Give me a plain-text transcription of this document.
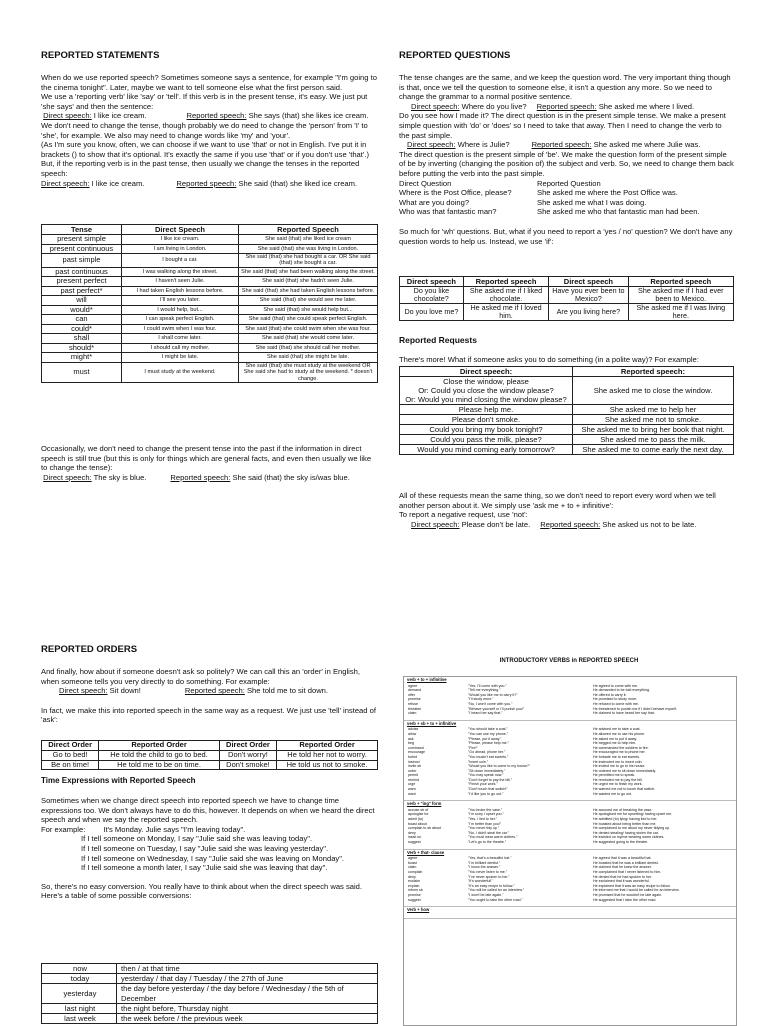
REPORTED STATEMENTS

When do we use reported speech? Sometimes someone says a sentence, for example "I'm going to the cinema tonight". Later, maybe we want to tell someone else what the first person said.

We use a 'reporting verb' like 'say' or 'tell'. If this verb is in the present tense, it's easy. We just put 'she says' and then the sentence:

Direct speech: I like ice cream.	Reported speech: She says (that) she likes ice cream.

We don't need to change the tense, though probably we do need to change the 'person' from 'I' to 'she', for example. We also may need to change words like 'my' and 'your'.

(As I'm sure you know, often, we can choose if we want to use 'that' or not in English. I've put it in brackets () to show that it's optional. It's exactly the same if you use 'that' or if you don't use 'that'.)

But, if the reporting verb is in the past tense, then usually we change the tenses in the reported speech:

Direct speech: I like ice cream.	Reported speech: She said (that) she liked ice cream.

Tense	Direct Speech	Reported Speech
present simple	I like ice cream.	She said (that) she liked ice cream
present continuous	I am living in London.	She said (that) she was living in London.
past simple	I bought a car.	She said (that) she had bought a car. OR She said (that) she bought a car.
past continuous	I was walking along the street.	She said (that) she had been walking along the street.
present perfect	I haven't seen Julie.	She said (that) she hadn't seen Julie.
past perfect*	I had taken English lessons before.	She said (that) she had taken English lessons before.
will	I'll see you later.	She said (that) she would see me later.
would*	I would help, but...	She said (that) she would help but...
can	I can speak perfect English.	She said (that) she could speak perfect English.
could*	I could swim when I was four.	She said (that) she could swim when she was four.
shall	I shall come later.	She said (that) she would come later.
should*	I should call my mother.	She said (that) she should call her mother.
might*	I might be late.	She said (that) she might be late.
must	I must study at the weekend.	She said (that) she must study at the weekend OR She said she had to study at the weekend. * doesn't change.

Occasionally, we don't need to change the present tense into the past if the information in direct speech is still true (but this is only for things which are general facts, and even then usually we like to change the tense):

Direct speech: The sky is blue.	Reported speech: She said (that) the sky is/was blue.

REPORTED QUESTIONS

The tense changes are the same, and we keep the question word. The very important thing though is that, once we tell the question to someone else, it isn't a question any more. So we need to change the grammar to a normal positive sentence.

Direct speech: Where do you live? Reported speech: She asked me where I lived.

Do you see how I made it? The direct question is in the present simple tense. We make a present simple question with 'do' or 'does' so I need to take that away. Then I need to change the verb to the past simple.

Direct speech: Where is Julie?	Reported speech: She asked me where Julie was.

The direct question is the present simple of 'be'. We make the question form of the present simple of be by inverting (changing the position of) the subject and verb. So, we need to change them back before putting the verb into the past simple.

Direct Question	Reported Question
Where is the Post Office, please?	She asked me where the Post Office was.
What are you doing?	She asked me what I was doing.
Who was that fantastic man?	She asked me who that fantastic man had been.

So much for 'wh' questions. But, what if you need to report a 'yes / no' question? We don't have any question words to help us. Instead, we use 'if':

Direct speech	Reported speech	Direct speech	Reported speech
Do you like chocolate?	She asked me if I liked chocolate.	Have you ever been to Mexico?	She asked me if I had ever been to Mexico.
Do you love me?	He asked me if I loved him.	Are you living here?	She asked me if I was living here.
Reported Requests

There's more! What if someone asks you to do something (in a polite way)? For example:

Direct speech:	Reported speech:

Close the window, please
Or: Could you close the window please?
Or: Would you mind closing the window please?	She asked me to close the window.
Please help me.	She asked me to help her
Please don't smoke.	She asked me not to smoke.
Could you bring my book tonight?	She asked me to bring her book that night.
Could you pass the milk, please?	She asked me to pass the milk.
Would you mind coming early tomorrow?	She asked me to come early the next day.

All of these requests mean the same thing, so we don't need to report every word when we tell another person about it. We simply use 'ask me + to + infinitive':

To report a negative request, use 'not':

Direct speech: Please don't be late. Reported speech: She asked us not to be late.

REPORTED ORDERS

And finally, how about if someone doesn't ask so politely? We can call this an 'order' in English, when someone tells you very directly to do something. For example:

Direct speech: Sit down!	Reported speech: She told me to sit down.

In fact, we make this into reported speech in the same way as a request. We just use 'tell' instead of 'ask':

Direct Order	Reported Order	Direct Order	Reported Order
Go to bed!	He told the child to go to bed.	Don't worry!	He told her not to worry.
Be on time!	He told me to be on time.	Don't smoke!	He told us not to smoke.
Time Expressions with Reported Speech

Sometimes when we change direct speech into reported speech we have to change time expressions too. We don't always have to do this, however. It depends on when we heard the direct speech and when we say the reported speech.

For example: It's Monday. Julie says "I'm leaving today".

If I tell someone on Monday, I say "Julie said she was leaving today".

If I tell someone on Tuesday, I say "Julie said she was leaving yesterday".

If I tell someone on Wednesday, I say "Julie said she was leaving on Monday".

If I tell someone a month later, I say "Julie said she was leaving that day".

So, there's no easy conversion. You really have to think about when the direct speech was said.

Here's a table of some possible conversions:

now	then / at that time
today	yesterday / that day / Tuesday / the 27th of June
yesterday	the day before yesterday / the day before / Wednesday / the 5th of December
last night	the night before, Thursday night
last week	the week before / the previous week
INTRODUCTORY VERBS in REPORTED SPEECH
verb + to + infinitive
agree	"Yes, I'll come with you."	He agreed to come with me.
demand	"Tell me everything."	He demanded to be told everything.
offer	"Would you like me to carry it?"	He offered to carry it.
promise	"I'll study more."	He promised to study more.
refuse	"No, I won't come with you."	He refused to come with me.
threaten	"Behave yourself or I'll punish you!"	He threatened to punish me if I didn't behave myself.
claim	"I heard her say that."	He claimed to have heard her say that.
verb + sb + to + infinitive
advise	"You should take a coat."	He advised me to take a coat.
allow	"You can use my phone."	He allowed me to use his phone.
ask	"Please, put it away."	He asked me to put it away.
beg	"Please, please help me."	He begged me to help him.
command	"Fire!"	He commanded the soldiers to fire.
encourage	"Go ahead, phone her."	He encouraged me to phone her.
forbid	"You mustn't eat sweets."	He forbade me to eat sweets.
instruct	"Insert coin."	He instructed me to insert coin.
invite sb	"Would you like to come to my house?"	He invited me to go to his house.
order	"Sit down immediately."	He ordered me to sit down immediately.
permit	"You may speak now."	He permitted me to speak.
remind	"Don't forget to pay the bill."	He reminded me to pay the bill.
urge	"Finish your work."	He urged me to finish my work.
warn	"Don't touch that switch!"	He warned me not to touch that switch.
want	"I'd like you to go out."	He wanted me to go out.
verb + "ing" form
accuse sb of	"You broke the vase."	He accused me of breaking the vase.
apologise for	"I'm sorry I upset you."	He apologised me for upsetting/ having upset me.
admit (to)	"Yes, I lied to her."	He admitted (to) lying/ having lied to her.
boast about	"I'm better than you!"	He boasted about being better than me.
complain to sb about	"You never tidy up."	He complained to me about my never tidying up.
deny	"No, I didn't steal the car."	He denied stealing/ having stolen the car.
insist on	"You must wear warm clothes."	He insisted on my/me wearing warm clothes.
suggest	"Let's go to the theatre."	He suggested going to the theatre.
Verb + that- clause
agree	"Yes, that's a beautiful hat."	He agreed that it was a beautiful hat.
boast	"I'm brilliant dentist."	He boasted that he was a brilliant dentist.
claim	"I know the answer."	He claimed that he knew the answer.
complain	"You never listen to me."	He complained that I never listened to him.
deny	"I've never spoken to her."	He denied that he had spoken to her.
exclaim	"It's wonderful!"	He exclaimed that it was wonderful.
explain	"It's an easy recipe to follow."	He explained that it was an easy recipe to follow.
inform sb	"You will be called for an interview."	He informed me that I would be called for an interview.
promise	"I won't be late again."	He promised that he wouldn't be late again.
suggest	"You ought to take the other road."	He suggested that I take the other road.
Verb + how
